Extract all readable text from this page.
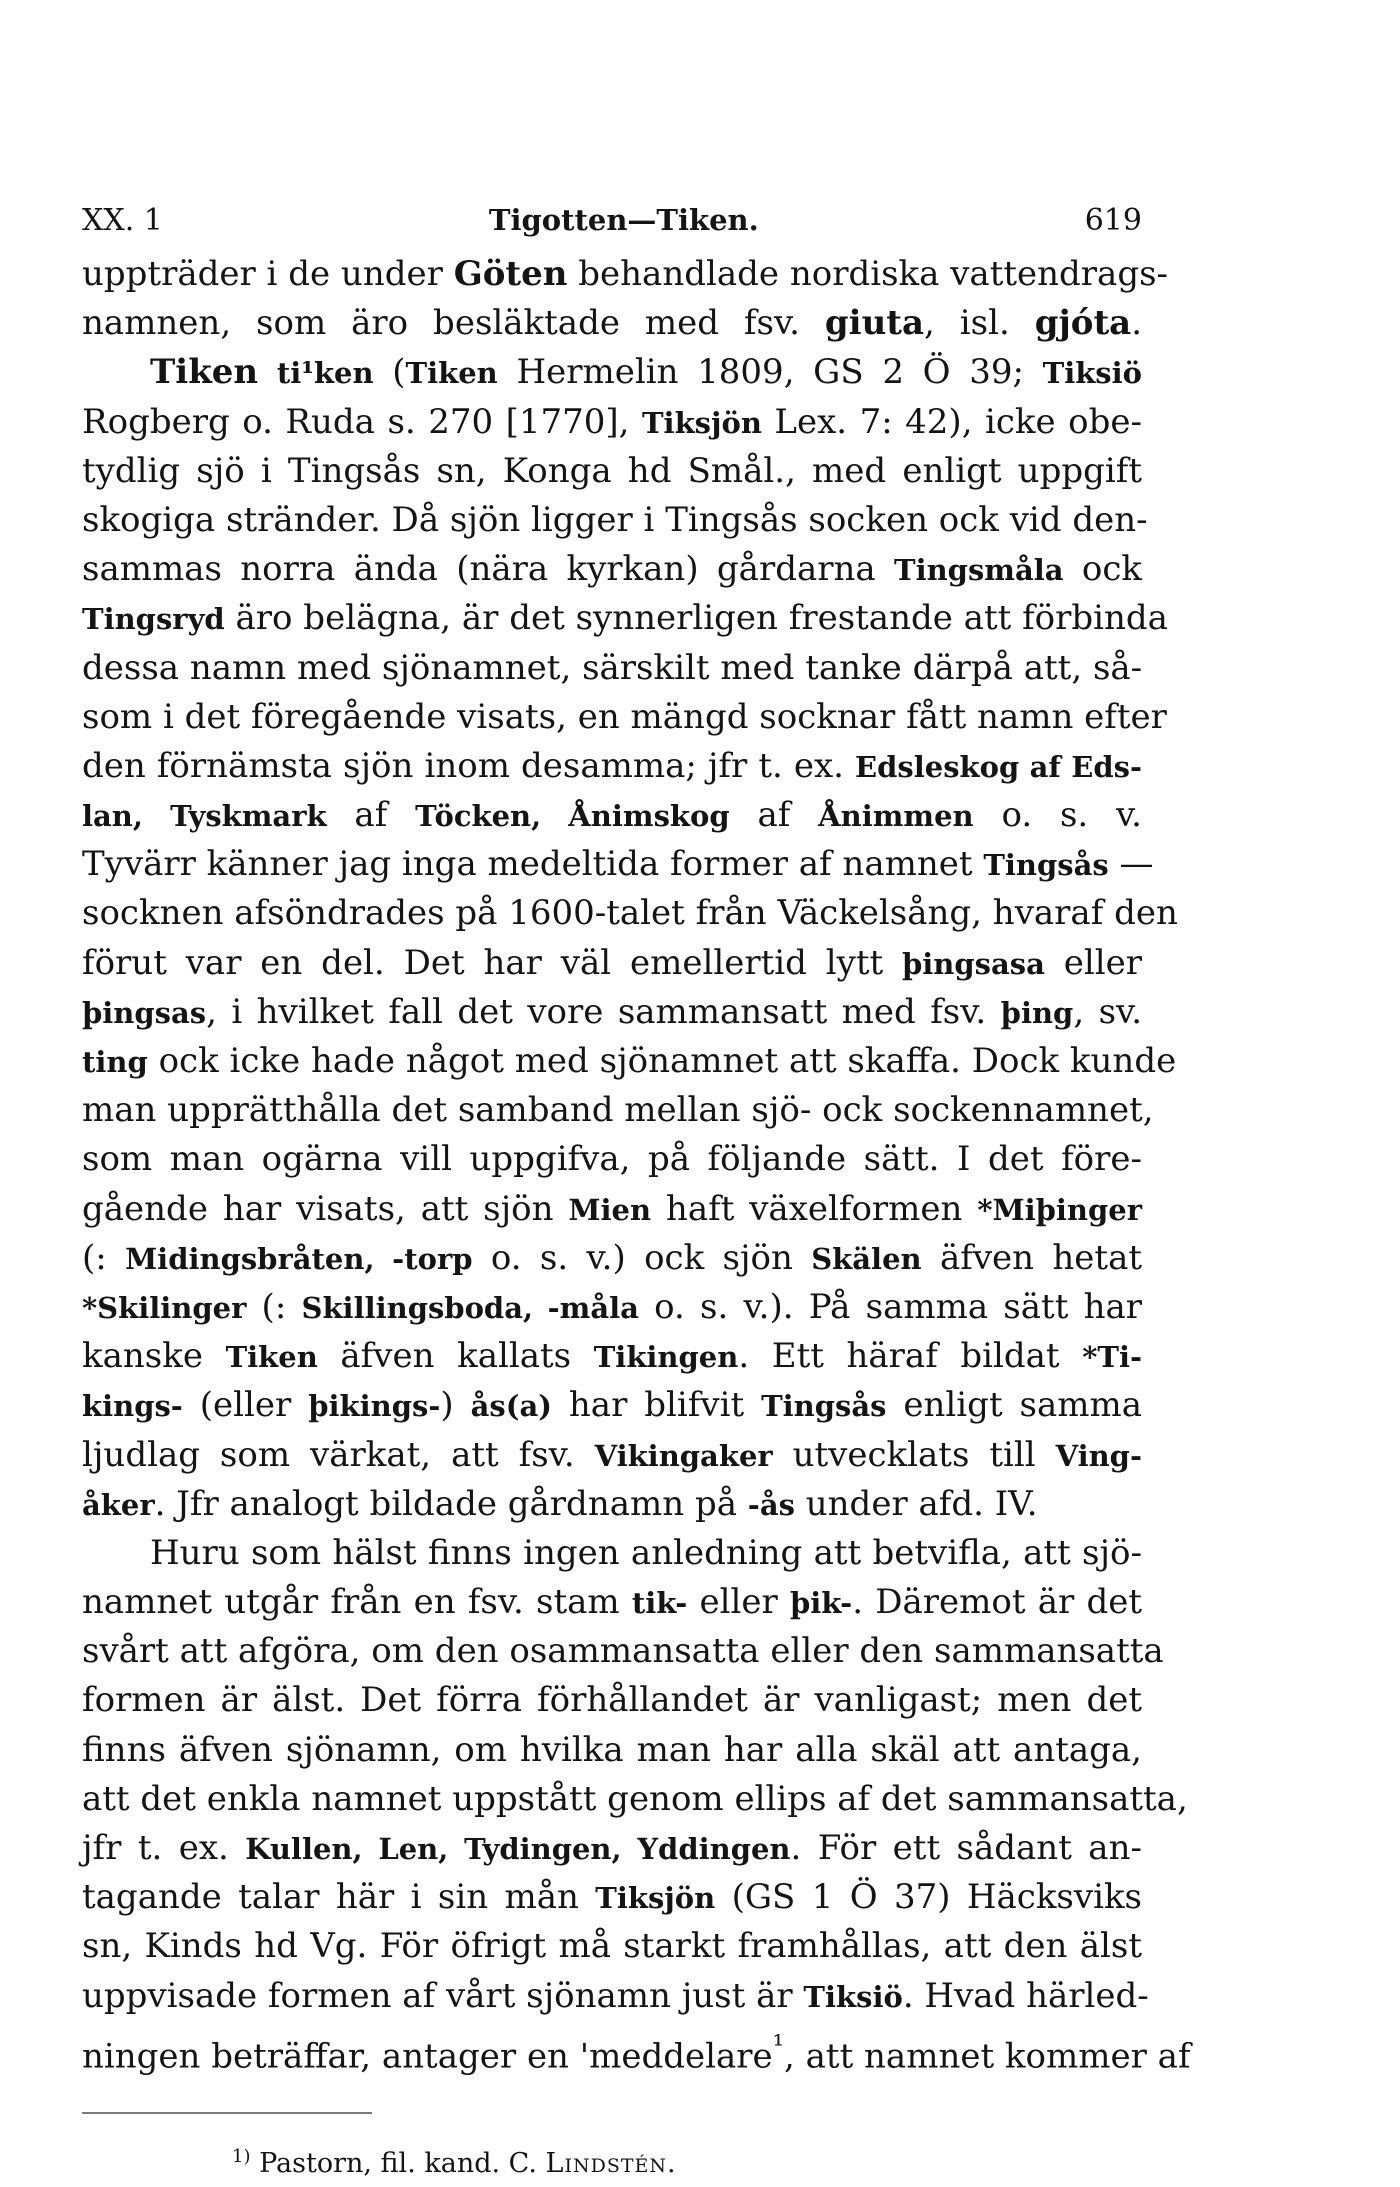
XX. 1	Tigotten—Tiken.	619
uppträder i de under Göten behandlade nordiska vattendrags-
namnen, som äro besläktade med fsv. giuta, isl. gjóta.
Tiken ti¹ken (Tiken Hermelin 1809, GS 2 Ö 39; Tiksiö
Rogberg o. Ruda s. 270 [1770], Tiksjön Lex. 7: 42), icke obe-
tydlig sjö i Tingsås sn, Konga hd Smål., med enligt uppgift
skogiga stränder. Då sjön ligger i Tingsås socken ock vid den-
sammas norra ända (nära kyrkan) gårdarna Tingsmåla ock
Tingsryd äro belägna, är det synnerligen frestande att förbinda
dessa namn med sjönamnet, särskilt med tanke därpå att, så-
som i det föregående visats, en mängd socknar fått namn efter
den förnämsta sjön inom desamma; jfr t. ex. Edsleskog af Eds-
lan, Tyskmark af Töcken, Ånimskog af Ånimmen o. s. v.
Tyvärr känner jag inga medeltida former af namnet Tingsås —
socknen afsöndrades på 1600-talet från Väckelsång, hvaraf den
förut var en del. Det har väl emellertid lytt þingsasa eller
þingsas, i hvilket fall det vore sammansatt med fsv. þing, sv.
ting ock icke hade något med sjönamnet att skaffa. Dock kunde
man upprätthålla det samband mellan sjö- ock sockennamnet,
som man ogärna vill uppgifva, på följande sätt. I det före-
gående har visats, att sjön Mien haft växelformen *Miþinger
(: Midingsbråten, -torp o. s. v.) ock sjön Skälen äfven hetat
*Skilinger (: Skillingsboda, -måla o. s. v.). På samma sätt har
kanske Tiken äfven kallats Tikingen. Ett häraf bildat *Ti-
kings- (eller þikings-) ås(a) har blifvit Tingsås enligt samma
ljudlag som värkat, att fsv. Vikingaker utvecklats till Ving-
åker. Jfr analogt bildade gårdnamn på -ås under afd. IV.
Huru som hälst finns ingen anledning att betvifla, att sjö-
namnet utgår från en fsv. stam tik- eller þik-. Däremot är det
svårt att afgöra, om den osammansatta eller den sammansatta
formen är älst. Det förra förhållandet är vanligast; men det
finns äfven sjönamn, om hvilka man har alla skäl att antaga,
att det enkla namnet uppstått genom ellips af det sammansatta,
jfr t. ex. Kullen, Len, Tydingen, Yddingen. För ett sådant an-
tagande talar här i sin mån Tiksjön (GS 1 Ö 37) Häcksviks
sn, Kinds hd Vg. För öfrigt må starkt framhållas, att den älst
uppvisade formen af vårt sjönamn just är Tiksiö. Hvad härled-
ningen beträffar, antager en 'meddelare$^{^1}$, att namnet kommer af
$^{1)}$ Pastorn, fil. kand. C. Lindstén.
